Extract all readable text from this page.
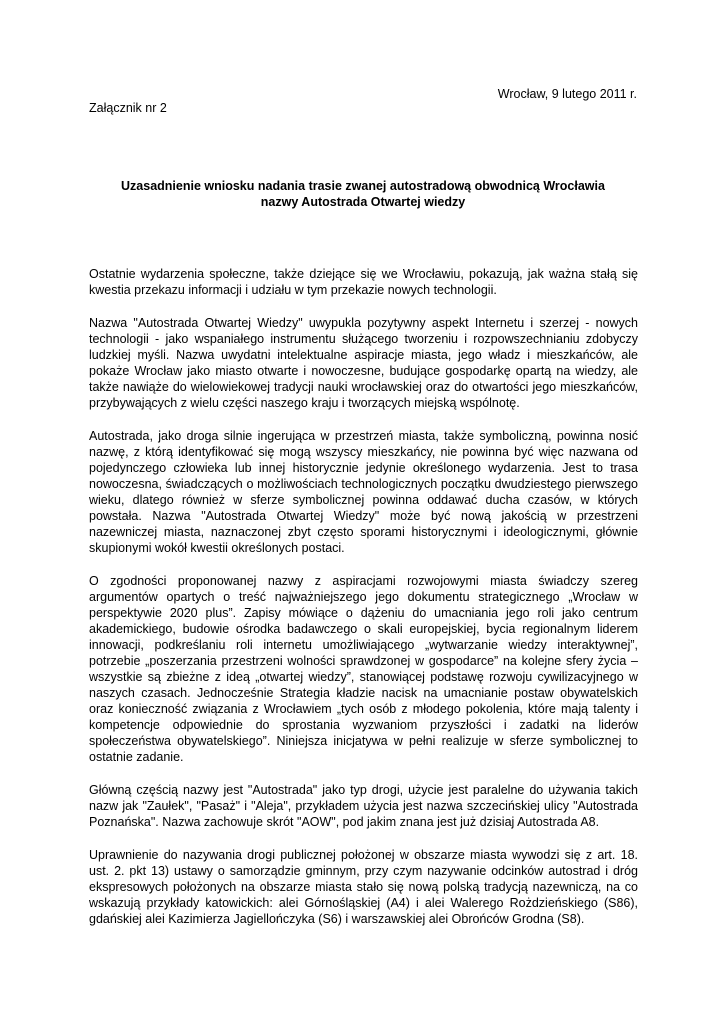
Wrocław, 9 lutego 2011 r.
Załącznik nr 2
Uzasadnienie wniosku nadania trasie zwanej autostradową obwodnicą Wrocławia
nazwy Autostrada Otwartej wiedzy

Ostatnie wydarzenia społeczne, także dziejące się we Wrocławiu, pokazują, jak ważna stałą się kwestia przekazu informacji i udziału w tym przekazie nowych technologii.

Nazwa "Autostrada Otwartej Wiedzy" uwypukla pozytywny aspekt Internetu i szerzej - nowych technologii - jako wspaniałego instrumentu służącego tworzeniu i rozpowszechnianiu zdobyczy ludzkiej myśli. Nazwa uwydatni intelektualne aspiracje miasta, jego władz i mieszkańców, ale pokaże Wrocław jako miasto otwarte i nowoczesne, budujące gospodarkę opartą na wiedzy, ale także nawiąże do wielowiekowej tradycji nauki wrocławskiej oraz do otwartości jego mieszkańców, przybywających z wielu części naszego kraju i tworzących miejską wspólnotę.

Autostrada, jako droga silnie ingerująca w przestrzeń miasta, także symboliczną, powinna nosić nazwę, z którą identyfikować się mogą wszyscy mieszkańcy, nie powinna być więc nazwana od pojedynczego człowieka lub innej historycznie jedynie określonego wydarzenia. Jest to trasa nowoczesna, świadczących o możliwościach technologicznych początku dwudziestego pierwszego wieku, dlatego również w sferze symbolicznej powinna oddawać ducha czasów, w których powstała. Nazwa "Autostrada Otwartej Wiedzy" może być nową jakością w przestrzeni nazewniczej miasta, naznaczonej zbyt często sporami historycznymi i ideologicznymi, głównie skupionymi wokół kwestii określonych postaci.

O zgodności proponowanej nazwy z aspiracjami rozwojowymi miasta świadczy szereg argumentów opartych o treść najważniejszego jego dokumentu strategicznego „Wrocław w perspektywie 2020 plus”. Zapisy mówiące o dążeniu do umacniania jego roli jako centrum akademickiego, budowie ośrodka badawczego o skali europejskiej, bycia regionalnym liderem innowacji, podkreślaniu roli internetu umożliwiającego „wytwarzanie wiedzy interaktywnej”, potrzebie „poszerzania przestrzeni wolności sprawdzonej w gospodarce” na kolejne sfery życia – wszystkie są zbieżne z ideą „otwartej wiedzy”, stanowiącej podstawę rozwoju cywilizacyjnego w naszych czasach. Jednocześnie Strategia kładzie nacisk na umacnianie postaw obywatelskich oraz konieczność związania z Wrocławiem „tych osób z młodego pokolenia, które mają talenty i kompetencje odpowiednie do sprostania wyzwaniom przyszłości i zadatki na liderów społeczeństwa obywatelskiego”. Niniejsza inicjatywa w pełni realizuje w sferze symbolicznej to ostatnie zadanie.

Główną częścią nazwy jest "Autostrada" jako typ drogi, użycie jest paralelne do używania takich nazw jak "Zaułek", "Pasaż" i "Aleja", przykładem użycia jest nazwa szczecińskiej ulicy "Autostrada Poznańska". Nazwa zachowuje skrót "AOW", pod jakim znana jest już dzisiaj Autostrada A8.

Uprawnienie do nazywania drogi publicznej położonej w obszarze miasta wywodzi się z art. 18. ust. 2. pkt 13) ustawy o samorządzie gminnym, przy czym nazywanie odcinków autostrad i dróg ekspresowych położonych na obszarze miasta stało się nową polską tradycją nazewniczą, na co wskazują przykłady katowickich: alei Górnośląskiej (A4) i alei Walerego Rożdzieńskiego (S86), gdańskiej alei Kazimierza Jagiellończyka (S6) i warszawskiej alei Obrońców Grodna (S8).
